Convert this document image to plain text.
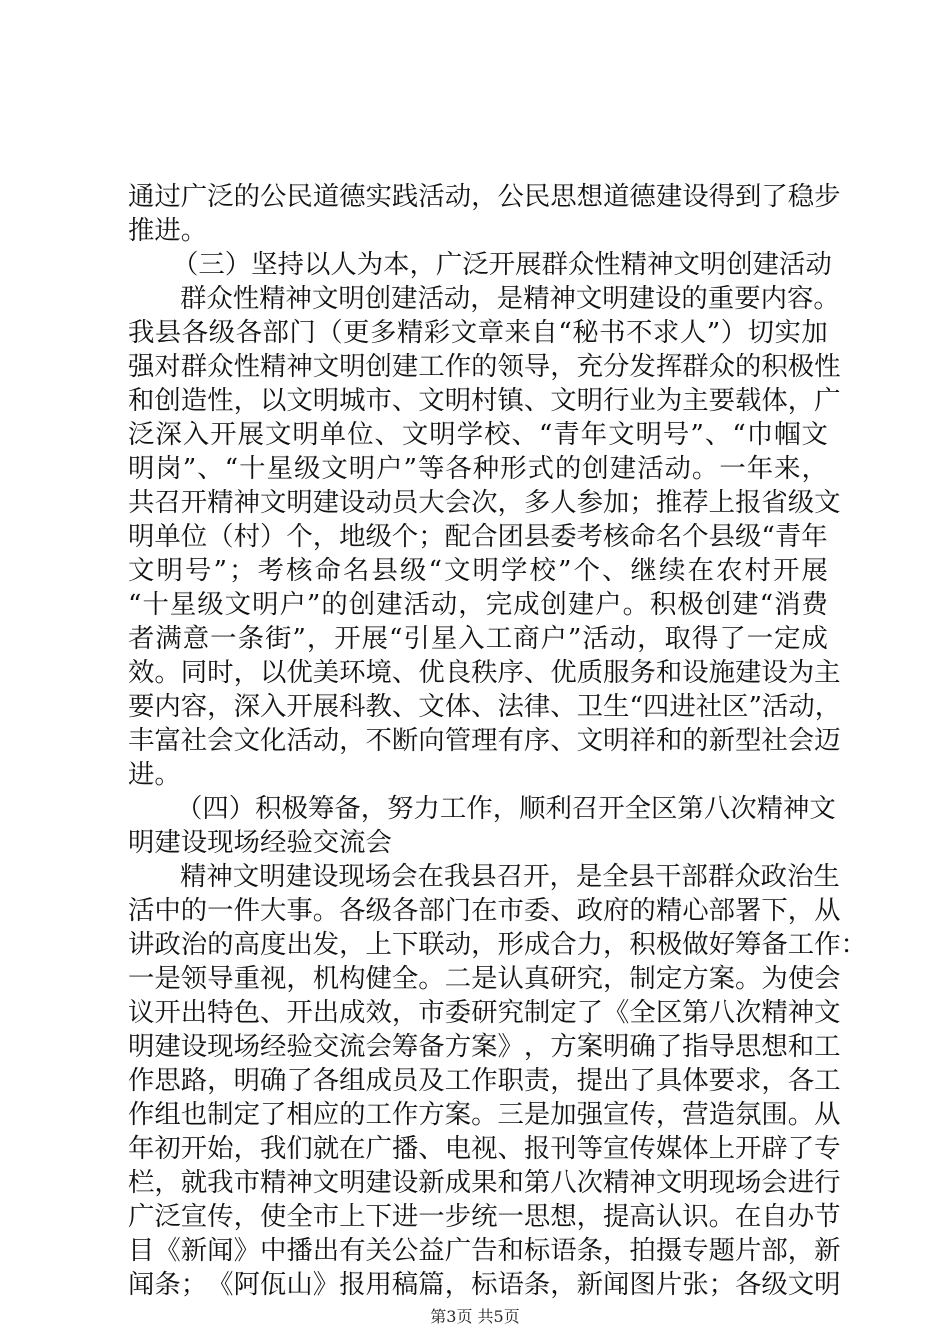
通 过 广 泛 的 公 民 道 德 实 践 活 动 ， 公 民 思 想 道 德 建 设 得 到 了 稳 步
推进。
（三）坚持以人为本，广泛开展群众性精神文明创建活动
群众性精神文明创建活动，是精神文明建设的重要内容。
我 县 各 级 各 部 门 （ 更 多 精 彩 文 章 来 自 “ 秘 书 不 求 人 ” ） 切 实 加
强 对 群 众 性 精 神 文 明 创 建 工 作 的 领 导 ， 充 分 发 挥 群 众 的 积 极 性
和 创 造 性 ， 以 文 明 城 市 、 文 明 村 镇 、 文 明 行 业 为 主 要 载 体 ， 广
泛 深 入 开 展 文 明 单 位 、 文 明 学 校 、 “ 青 年 文 明 号 ” 、 “ 巾 帼 文
明 岗 ” 、 “ 十 星 级 文 明 户 ” 等 各 种 形 式 的 创 建 活 动 。 一 年 来 ，
共 召 开 精 神 文 明 建 设 动 员 大 会 次 ， 多 人 参 加 ； 推 荐 上 报 省 级 文
明 单 位 （ 村 ） 个 ， 地 级 个 ； 配 合 团 县 委 考 核 命 名 个 县 级 “ 青 年
文 明 号 ” ； 考 核 命 名 县 级 “ 文 明 学 校 ” 个 、 继 续 在 农 村 开 展
“ 十 星 级 文 明 户 ” 的 创 建 活 动 ， 完 成 创 建 户 。 积 极 创 建 “ 消 费
者 满 意 一 条 街 ” ， 开 展 “ 引 星 入 工 商 户 ” 活 动 ， 取 得 了 一 定 成
效 。 同 时 ， 以 优 美 环 境 、 优 良 秩 序 、 优 质 服 务 和 设 施 建 设 为 主
要 内 容 ， 深 入 开 展 科 教 、 文 体 、 法 律 、 卫 生 “ 四 进 社 区 ” 活 动 ，
丰 富 社 会 文 化 活 动 ， 不 断 向 管 理 有 序 、 文 明 祥 和 的 新 型 社 会 迈
进。
（ 四 ） 积 极 筹 备 ， 努 力 工 作 ， 顺 利 召 开 全 区 第 八 次 精 神 文
明建设现场经验交流会
精 神 文 明 建 设 现 场 会 在 我 县 召 开 ， 是 全 县 干 部 群 众 政 治 生
活 中 的 一 件 大 事 。 各 级 各 部 门 在 市 委 、 政 府 的 精 心 部 署 下 ， 从
讲 政 治 的 高 度 出 发 ， 上 下 联 动 ， 形 成 合 力 ， 积 极 做 好 筹 备 工 作 ：
一 是 领 导 重 视 ， 机 构 健 全 。 二 是 认 真 研 究 ， 制 定 方 案 。 为 使 会
议 开 出 特 色 、 开 出 成 效 ， 市 委 研 究 制 定 了 《 全 区 第 八 次 精 神 文
明 建 设 现 场 经 验 交 流 会 筹 备 方 案 》 ， 方 案 明 确 了 指 导 思 想 和 工
作 思 路 ， 明 确 了 各 组 成 员 及 工 作 职 责 ， 提 出 了 具 体 要 求 ， 各 工
作 组 也 制 定 了 相 应 的 工 作 方 案 。 三 是 加 强 宣 传 ， 营 造 氛 围 。 从
年 初 开 始 ， 我 们 就 在 广 播 、 电 视 、 报 刊 等 宣 传 媒 体 上 开 辟 了 专
栏 ， 就 我 市 精 神 文 明 建 设 新 成 果 和 第 八 次 精 神 文 明 现 场 会 进 行
广 泛 宣 传 ， 使 全 市 上 下 进 一 步 统 一 思 想 ， 提 高 认 识 。 在 自 办 节
目 《 新 闻 》 中 播 出 有 关 公 益 广 告 和 标 语 条 ， 拍 摄 专 题 片 部 ， 新
闻 条 ； 《 阿 佤 山 》 报 用 稿 篇 ， 标 语 条 ， 新 闻 图 片 张 ； 各 级 文 明
第3页 共5页
